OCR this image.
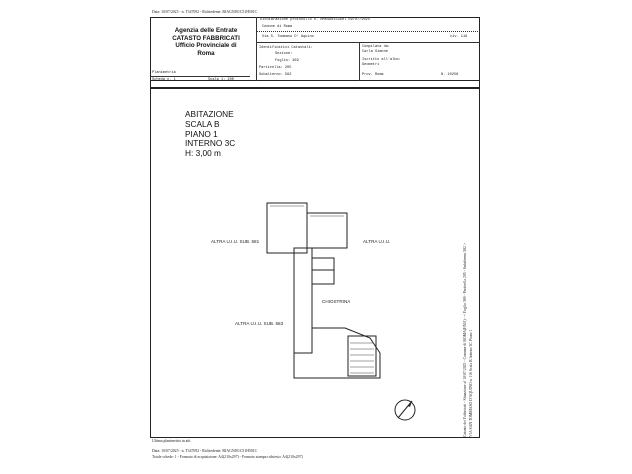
Data: 10/07/2025 - n. T347092 - Richiedente: BJAGNJ01C51H501C
Agenzia delle Entrate
CATASTO FABBRICATI
Ufficio Provinciale di
Roma
Dichiarazione protocollo n. RM0490153Del 09/07/2025
Comune di Roma
Via S. Tommaso D' Aquino	civ. 116
Identificativi Catastali:
Sezione:
Foglio: 369
Particella: 205
Subalterno: 582
Compilata da:
Carla Simone
Iscritto all'albo:
Geometri
Prov. Roma	N. 10258
Planimetria
Scheda n. 1	Scala 1: 200
ABITAZIONE
SCALA B
PIANO 1
INTERNO 3C
H: 3,00 m
ALTRA U.I.U. SUB. 581	ALTRA U.I.U.
CHIOSTRINA
ALTRA U.I.U. SUB. 583
Ultima planimetria in atti
Data: 10/07/2025 - n. T347092 - Richiedente: BJAGNJ01C51H501C
Totale schede: 1 - Formato di acquisizione: A4(210x297) - Formato stampa richiesto: A4(210x297)
Catasto dei Fabbricati - Situazione al 10/07/2025 - Comune di ROMA(H501) - < Foglio 369 - Particella 205 - Subalterno 582 > VIA SAN TOMMASO D'AQUINO n. 116 Scala B Interno 3C Piano 1
